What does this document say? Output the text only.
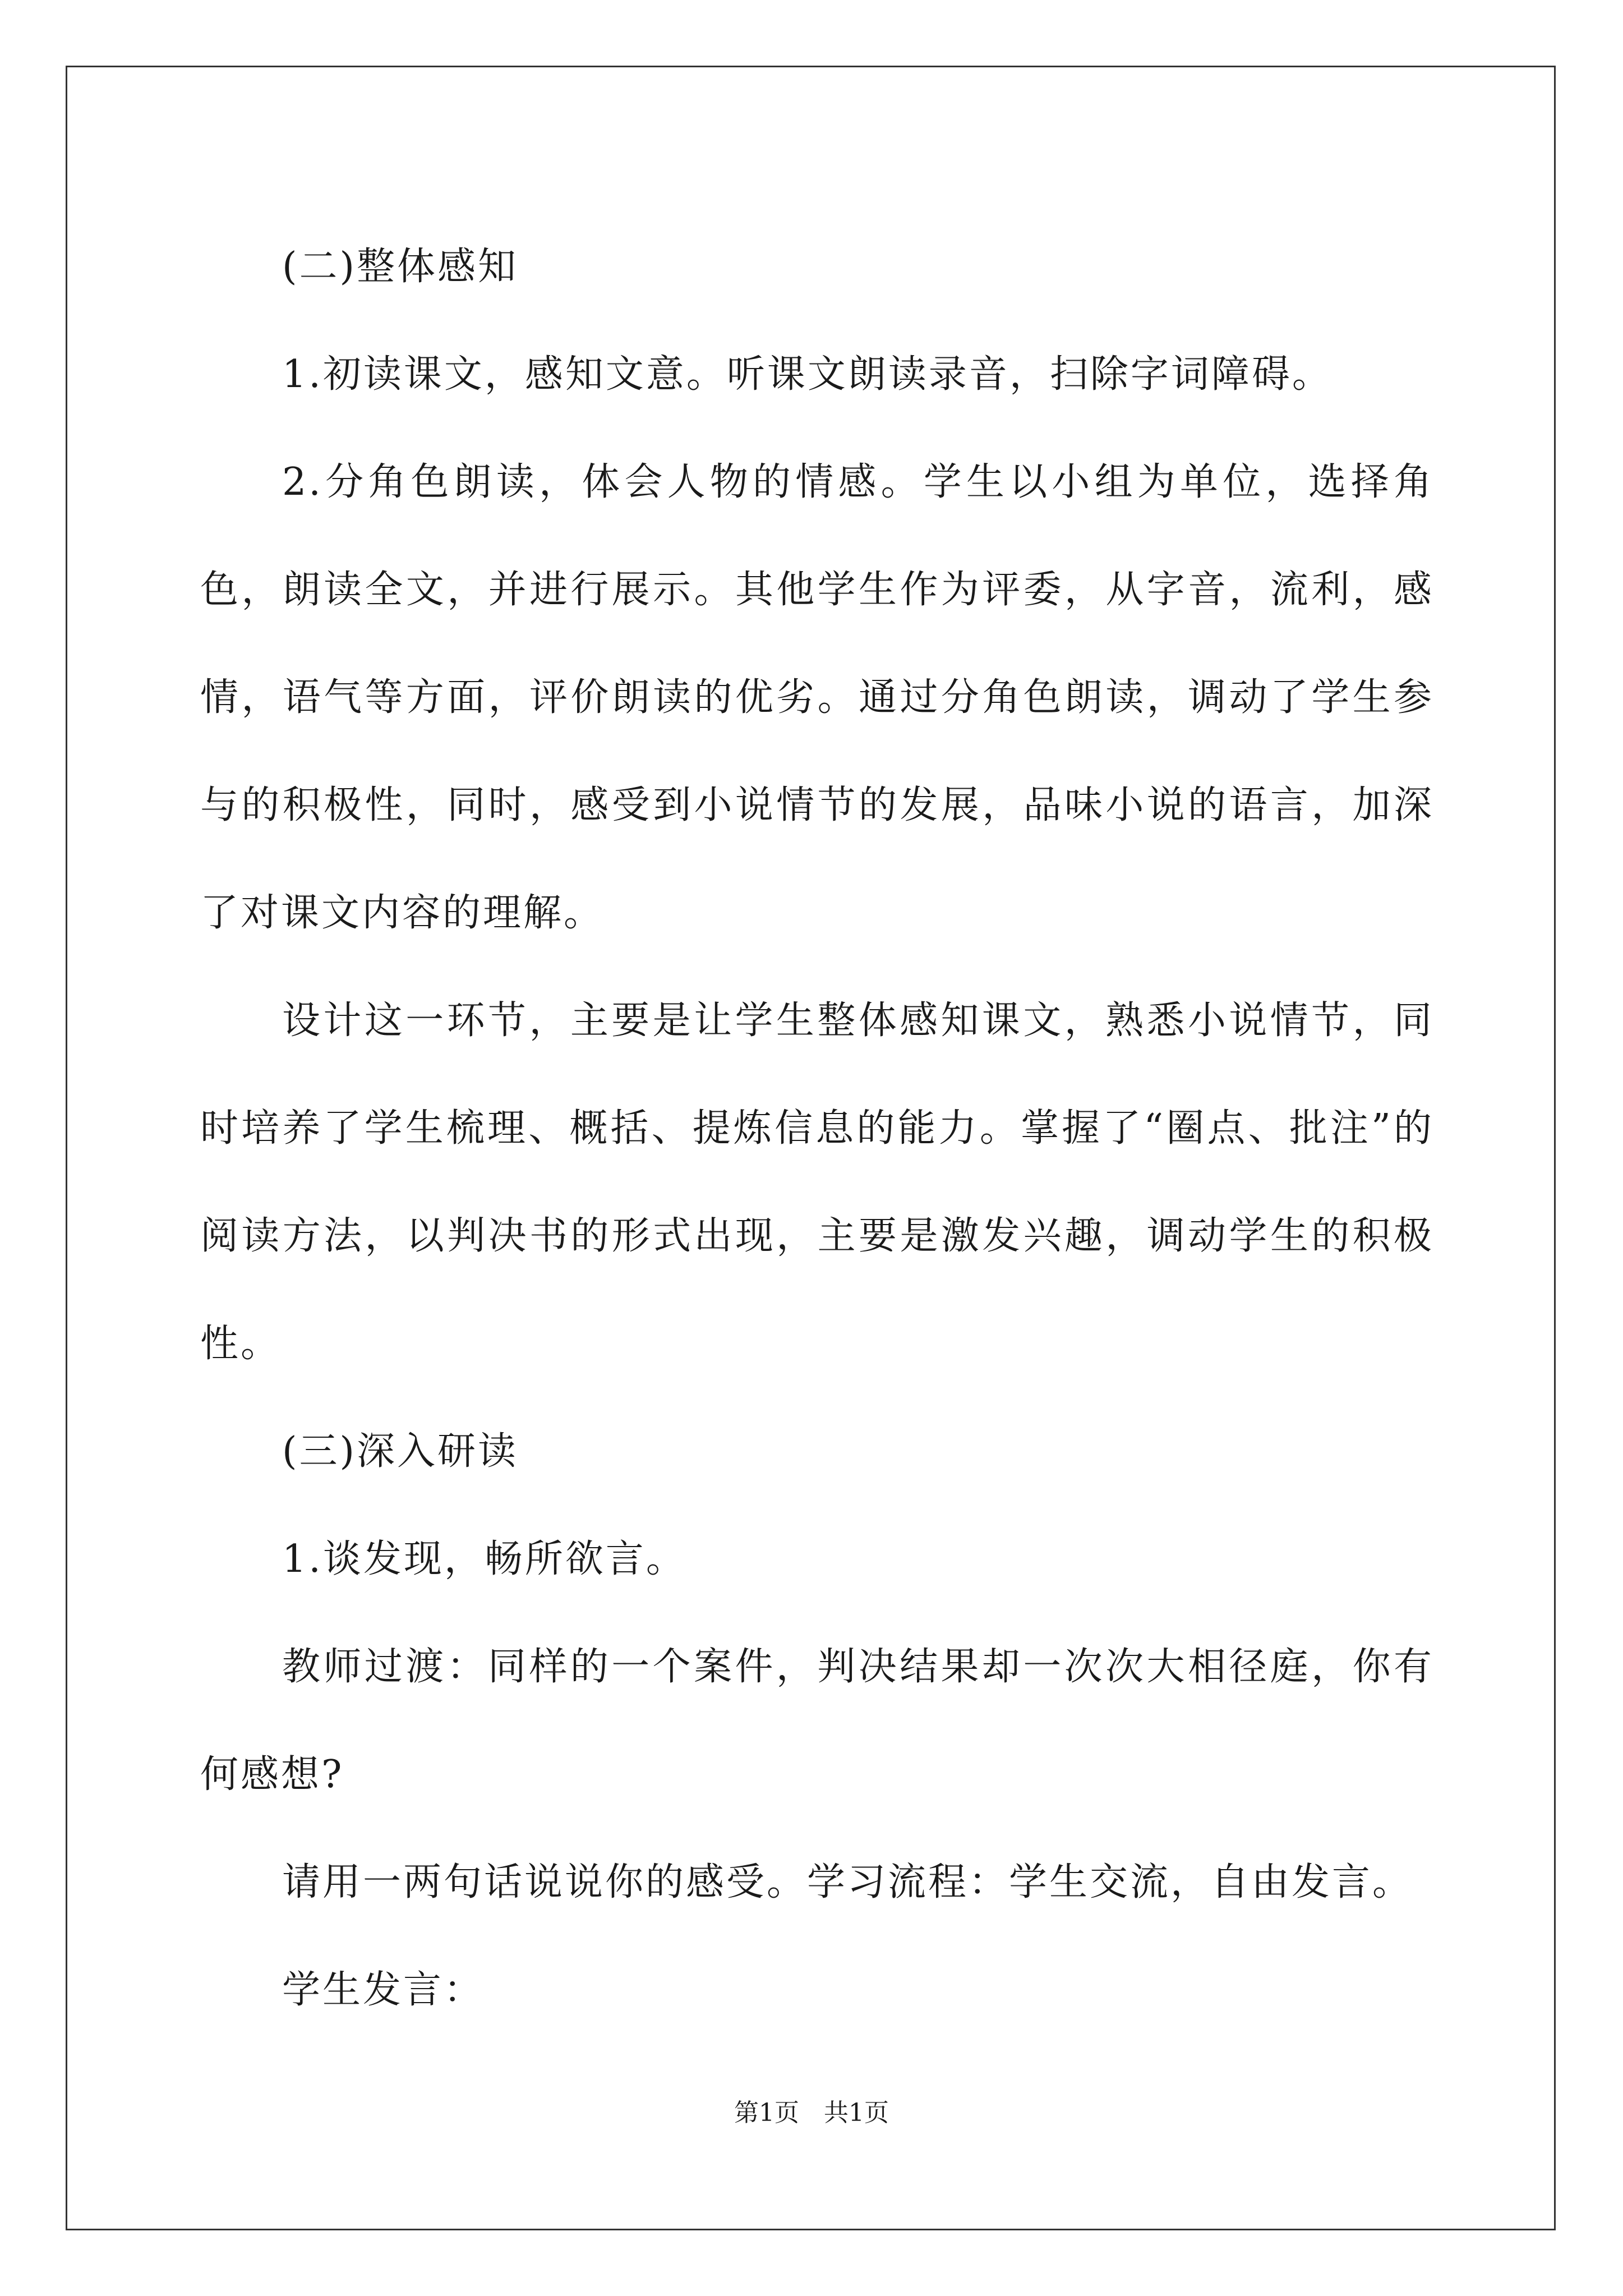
(二)整体感知

1.初读课文，感知文意。听课文朗读录音，扫除字词障碍。

2.分角色朗读，体会人物的情感。学生以小组为单位，选择角色，朗读全文，并进行展示。其他学生作为评委，从字音，流利，感情，语气等方面，评价朗读的优劣。通过分角色朗读，调动了学生参与的积极性，同时，感受到小说情节的发展，品味小说的语言，加深了对课文内容的理解。

设计这一环节，主要是让学生整体感知课文，熟悉小说情节，同时培养了学生梳理、概括、提炼信息的能力。掌握了“圈点、批注”的阅读方法，以判决书的形式出现，主要是激发兴趣，调动学生的积极性。

(三)深入研读

1.谈发现，畅所欲言。

教师过渡：同样的一个案件，判决结果却一次次大相径庭，你有何感想?

请用一两句话说说你的感受。学习流程：学生交流，自由发言。

学生发言：

第1页　共1页
